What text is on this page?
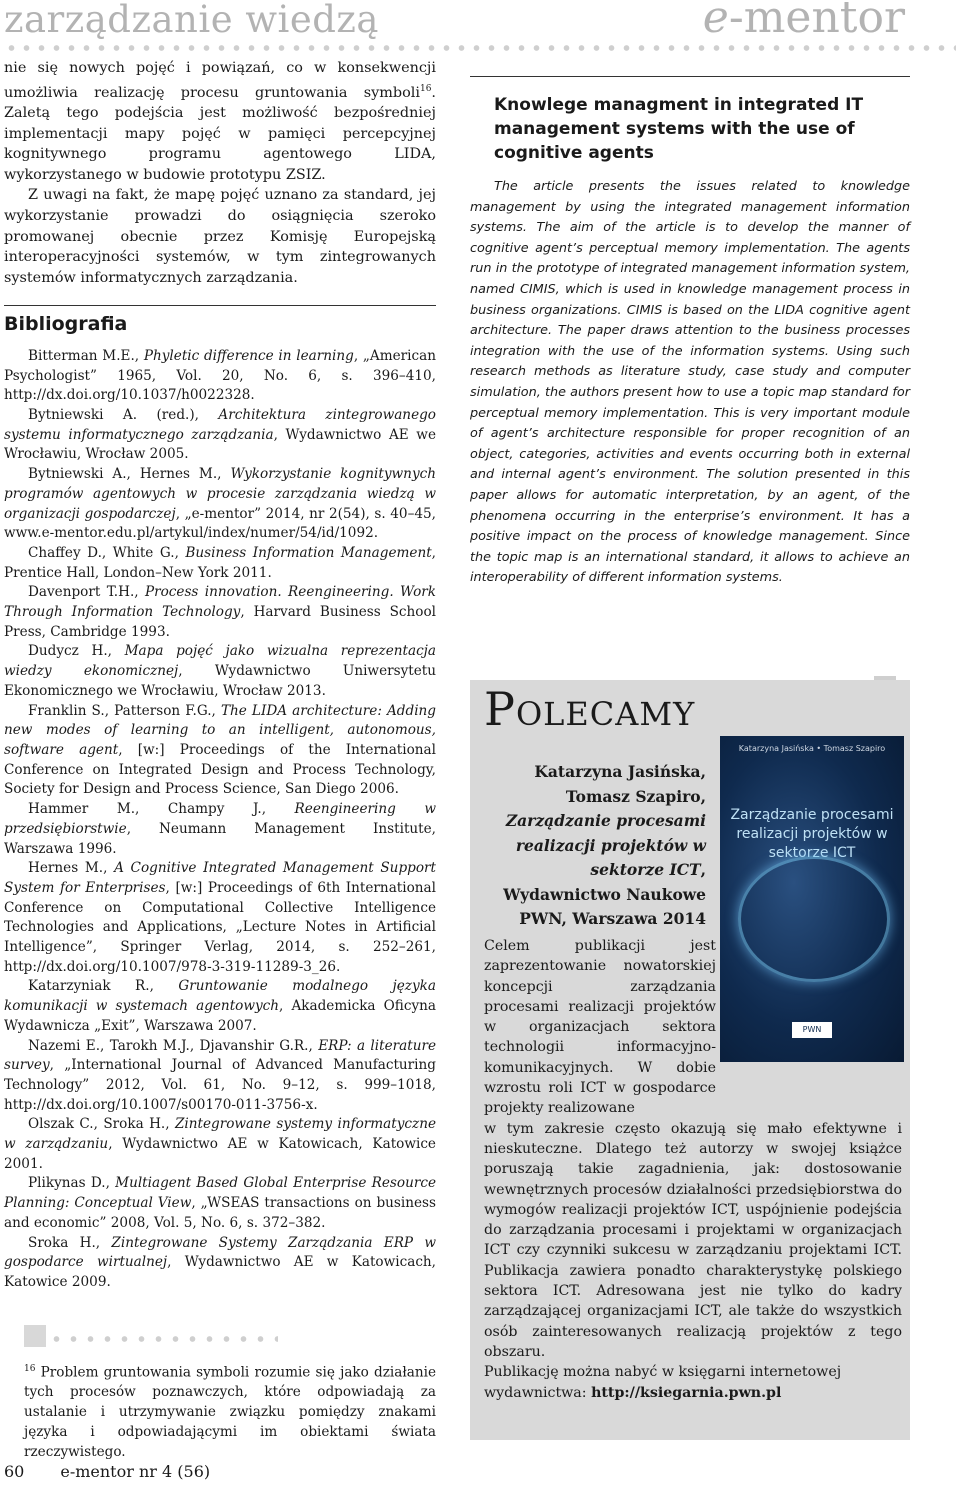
zarządzanie wiedzą	e-mentor

nie się nowych pojęć i powiązań, co w konsekwencji umożliwia realizację procesu gruntowania symboli$^{16}$. Zaletą tego podejścia jest możliwość bezpośredniej implementacji mapy pojęć w pamięci percepcyjnej kognitywnego programu agentowego LIDA, wykorzystanego w budowie prototypu ZSIZ.

Z uwagi na fakt, że mapę pojęć uznano za standard, jej wykorzystanie prowadzi do osiągnięcia szeroko promowanej obecnie przez Komisję Europejską interoperacyjności systemów, w tym zintegrowanych systemów informatycznych zarządzania.

Bibliografia

Bitterman M.E., Phyletic difference in learning, „American Psychologist” 1965, Vol. 20, No. 6, s. 396–410, http://dx.doi.org/10.1037/h0022328.

Bytniewski A. (red.), Architektura zintegrowanego systemu informatycznego zarządzania, Wydawnictwo AE we Wrocławiu, Wrocław 2005.

Bytniewski A., Hernes M., Wykorzystanie kognitywnych programów agentowych w procesie zarządzania wiedzą w organizacji gospodarczej, „e-mentor” 2014, nr 2(54), s. 40–45, www.e-mentor.edu.pl/artykul/index/numer/54/id/1092.

Chaffey D., White G., Business Information Management, Prentice Hall, London–New York 2011.

Davenport T.H., Process innovation. Reengineering. Work Through Information Technology, Harvard Business School Press, Cambridge 1993.

Dudycz H., Mapa pojęć jako wizualna reprezentacja wiedzy ekonomicznej, Wydawnictwo Uniwersytetu Ekonomicznego we Wrocławiu, Wrocław 2013.

Franklin S., Patterson F.G., The LIDA architecture: Adding new modes of learning to an intelligent, autonomous, software agent, [w:] Proceedings of the International Conference on Integrated Design and Process Technology, Society for Design and Process Science, San Diego 2006.

Hammer M., Champy J., Reengineering w przedsiębiorstwie, Neumann Management Institute, Warszawa 1996.

Hernes M., A Cognitive Integrated Management Support System for Enterprises, [w:] Proceedings of 6th International Conference on Computational Collective Intelligence Technologies and Applications, „Lecture Notes in Artificial Intelligence”, Springer Verlag, 2014, s. 252–261, http://dx.doi.org/10.1007/978-3-319-11289-3_26.

Katarzyniak R., Gruntowanie modalnego języka komunikacji w systemach agentowych, Akademicka Oficyna Wydawnicza „Exit”, Warszawa 2007.

Nazemi E., Tarokh M.J., Djavanshir G.R., ERP: a literature survey, „International Journal of Advanced Manufacturing Technology” 2012, Vol. 61, No. 9–12, s. 999–1018, http://dx.doi.org/10.1007/s00170-011-3756-x.

Olszak C., Sroka H., Zintegrowane systemy informatyczne w zarządzaniu, Wydawnictwo AE w Katowicach, Katowice 2001.

Plikynas D., Multiagent Based Global Enterprise Resource Planning: Conceptual View, „WSEAS transactions on business and economic” 2008, Vol. 5, No. 6, s. 372–382.

Sroka H., Zintegrowane Systemy Zarządzania ERP w gospodarce wirtualnej, Wydawnictwo AE w Katowicach, Katowice 2009.

$^{16}$ Problem gruntowania symboli rozumie się jako działanie tych procesów poznawczych, które odpowiadają za ustalanie i utrzymywanie związku pomiędzy znakami języka i odpowiadającymi im obiektami świata rzeczywistego.

60 e-mentor nr 4 (56)
Knowlege managment in integrated IT management systems with the use of cognitive agents

The article presents the issues related to knowledge management by using the integrated management information systems. The aim of the article is to develop the manner of cognitive agent’s perceptual memory implementation. The agents run in the prototype of integrated management information system, named CIMIS, which is used in knowledge management process in business organizations. CIMIS is based on the LIDA cognitive agent architecture. The paper draws attention to the business processes integration with the use of the information systems. Using such research methods as literature study, case study and computer simulation, the authors present how to use a topic map standard for perceptual memory implementation. This is very important module of agent’s architecture responsible for proper recognition of an object, categories, activities and events occurring both in external and internal agent’s environment. The solution presented in this paper allows for automatic interpretation, by an agent, of the phenomena occurring in the enterprise’s environment. It has a positive impact on the process of knowledge management. Since the topic map is an international standard, it allows to achieve an interoperability of different information systems.

Polecamy
Katarzyna Jasińska, Tomasz Szapiro,
Zarządzanie procesami realizacji projektów w sektorze ICT, Wydawnictwo Naukowe PWN, Warszawa 2014
Katarzyna Jasińska • Tomasz Szapiro
Zarządzanie procesami realizacji projektów w sektorze ICT
PWN

Celem publikacji jest zaprezentowanie nowatorskiej koncepcji zarządzania procesami realizacji projektów w organizacjach sektora technologii informacyjno-komunikacyjnych. W dobie wzrostu roli ICT w gospodarce projekty realizowane

w tym zakresie często okazują się mało efektywne i nieskuteczne. Dlatego też autorzy w swojej książce poruszają takie zagadnienia, jak: dostosowanie wewnętrznych procesów działalności przedsiębiorstwa do wymogów realizacji projektów ICT, uspójnienie podejścia do zarządzania procesami i projektami w organizacjach ICT czy czynniki sukcesu w zarządzaniu projektami ICT. Publikacja zawiera ponadto charakterystykę polskiego sektora ICT. Adresowana jest nie tylko do kadry zarządzającej organizacjami ICT, ale także do wszystkich osób zainteresowanych realizacją projektów z tego obszaru.

Publikację można nabyć w księgarni internetowej wydawnictwa: http://ksiegarnia.pwn.pl
